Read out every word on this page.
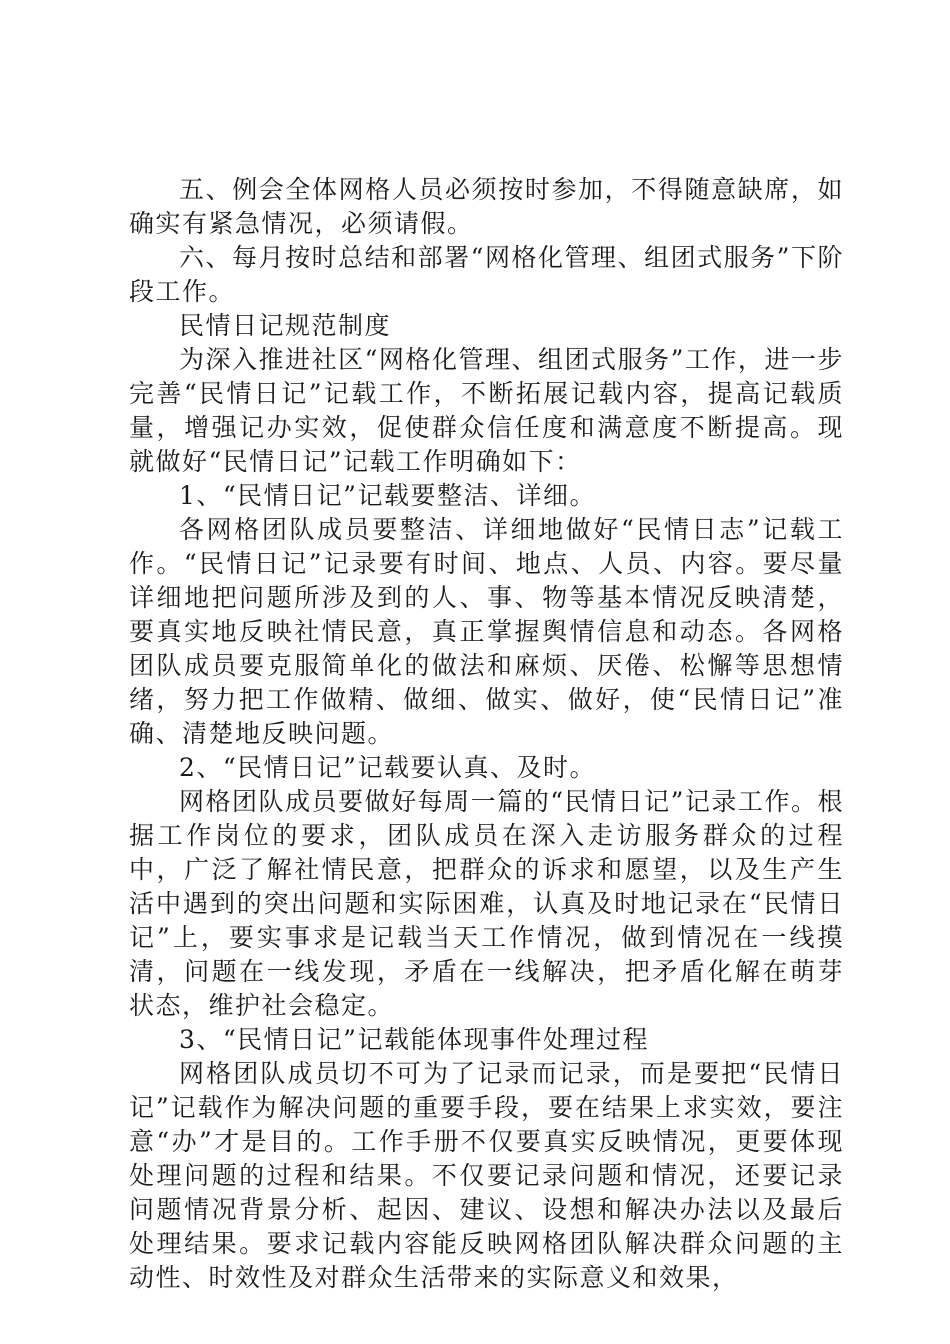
五、例会全体网格人员必须按时参加，不得随意缺席，如确实有紧急情况，必须请假。

六、每月按时总结和部署“网格化管理、组团式服务”下阶段工作。

民情日记规范制度

为深入推进社区“网格化管理、组团式服务”工作，进一步完善“民情日记”记载工作，不断拓展记载内容，提高记载质量，增强记办实效，促使群众信任度和满意度不断提高。现就做好“民情日记”记载工作明确如下：

1、“民情日记”记载要整洁、详细。

各网格团队成员要整洁、详细地做好“民情日志”记载工作。“民情日记”记录要有时间、地点、人员、内容。要尽量详细地把问题所涉及到的人、事、物等基本情况反映清楚，要真实地反映社情民意，真正掌握舆情信息和动态。各网格团队成员要克服简单化的做法和麻烦、厌倦、松懈等思想情绪，努力把工作做精、做细、做实、做好，使“民情日记”准确、清楚地反映问题。

2、“民情日记”记载要认真、及时。

网格团队成员要做好每周一篇的“民情日记”记录工作。根据工作岗位的要求，团队成员在深入走访服务群众的过程中，广泛了解社情民意，把群众的诉求和愿望，以及生产生活中遇到的突出问题和实际困难，认真及时地记录在“民情日记”上，要实事求是记载当天工作情况，做到情况在一线摸清，问题在一线发现，矛盾在一线解决，把矛盾化解在萌芽状态，维护社会稳定。

3、“民情日记”记载能体现事件处理过程

网格团队成员切不可为了记录而记录，而是要把“民情日记”记载作为解决问题的重要手段，要在结果上求实效，要注意“办”才是目的。工作手册不仅要真实反映情况，更要体现处理问题的过程和结果。不仅要记录问题和情况，还要记录问题情况背景分析、起因、建议、设想和解决办法以及最后处理结果。要求记载内容能反映网格团队解决群众问题的主动性、时效性及对群众生活带来的实际意义和效果，
